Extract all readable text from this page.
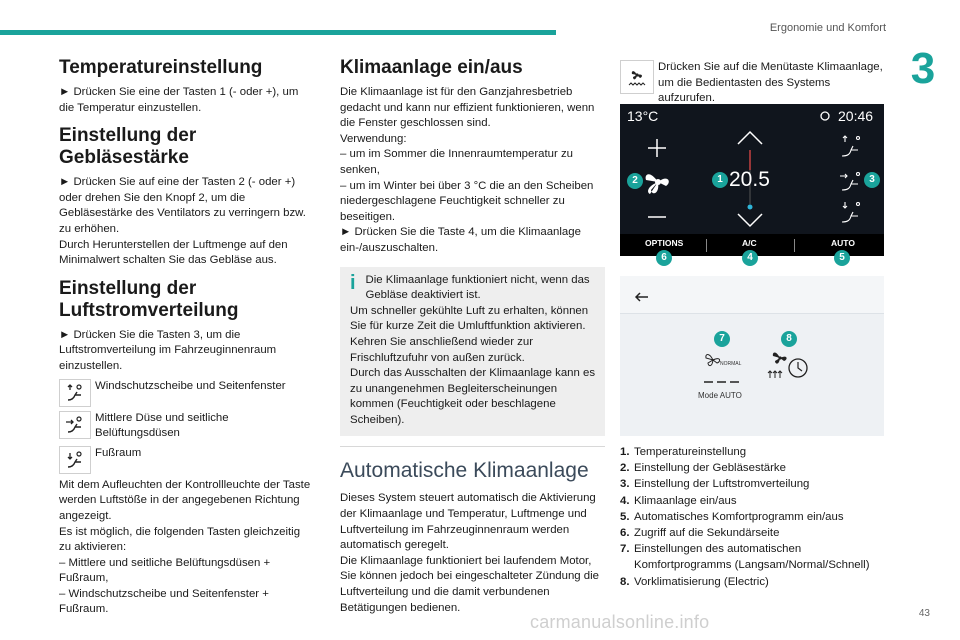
Ergonomie und Komfort
3
Temperatureinstellung

► Drücken Sie eine der Tasten 1 (- oder +), um die Temperatur einzustellen.

Einstellung der Gebläsestärke

► Drücken Sie auf eine der Tasten 2 (- oder +) oder drehen Sie den Knopf 2, um die Gebläsestärke des Ventilators zu verringern bzw. zu erhöhen.

Durch Herunterstellen der Luftmenge auf den Minimalwert schalten Sie das Gebläse aus.

Einstellung der Luftstromverteilung

► Drücken Sie die Tasten 3, um die Luftstromverteilung im Fahrzeuginnenraum einzustellen.

Windschutzscheibe und Seitenfenster
Mittlere Düse und seitliche Belüftungsdüsen
Fußraum

Mit dem Aufleuchten der Kontrollleuchte der Taste werden Luftstöße in der angegebenen Richtung angezeigt.

Es ist möglich, die folgenden Tasten gleichzeitig zu aktivieren:

– Mittlere und seitliche Belüftungsdüsen + Fußraum,

– Windschutzscheibe und Seitenfenster + Fußraum.

Klimaanlage ein/aus

Die Klimaanlage ist für den Ganzjahresbetrieb gedacht und kann nur effizient funktionieren, wenn die Fenster geschlossen sind.

Verwendung:

– um im Sommer die Innenraumtemperatur zu senken,

– um im Winter bei über 3 °C die an den Scheiben niedergeschlagene Feuchtigkeit schneller zu beseitigen.

► Drücken Sie die Taste 4, um die Klimaanlage ein-/auszuschalten.

i Die Klimaanlage funktioniert nicht, wenn das Gebläse deaktiviert ist.

Um schneller gekühlte Luft zu erhalten, können Sie für kurze Zeit die Umluftfunktion aktivieren. Kehren Sie anschließend wieder zur Frischluftzufuhr von außen zurück.

Durch das Ausschalten der Klimaanlage kann es zu unangenehmen Begleiterscheinungen kommen (Feuchtigkeit oder beschlagene Scheiben).

Automatische Klimaanlage

Dieses System steuert automatisch die Aktivierung der Klimaanlage und Temperatur, Luftmenge und Luftverteilung im Fahrzeuginnenraum werden automatisch geregelt.

Die Klimaanlage funktioniert bei laufendem Motor, Sie können jedoch bei eingeschalteter Zündung die Luftverteilung und die damit verbundenen Betätigungen bedienen.

Drücken Sie auf die Menütaste Klimaanlage, um die Bedientasten des Systems aufzurufen.
13°C	20:46
20.5
OPTIONS	A/C	AUTO
1
2	3
4	5
6
NORMAL
Mode AUTO
7	8
1. Temperatureinstellung
2. Einstellung der Gebläsestärke
3. Einstellung der Luftstromverteilung
4. Klimaanlage ein/aus
5. Automatisches Komfortprogramm ein/aus
6. Zugriff auf die Sekundärseite
7. Einstellungen des automatischen Komfortprogramms (Langsam/Normal/Schnell)
8. Vorklimatisierung (Electric)
carmanualsonline.info	43
